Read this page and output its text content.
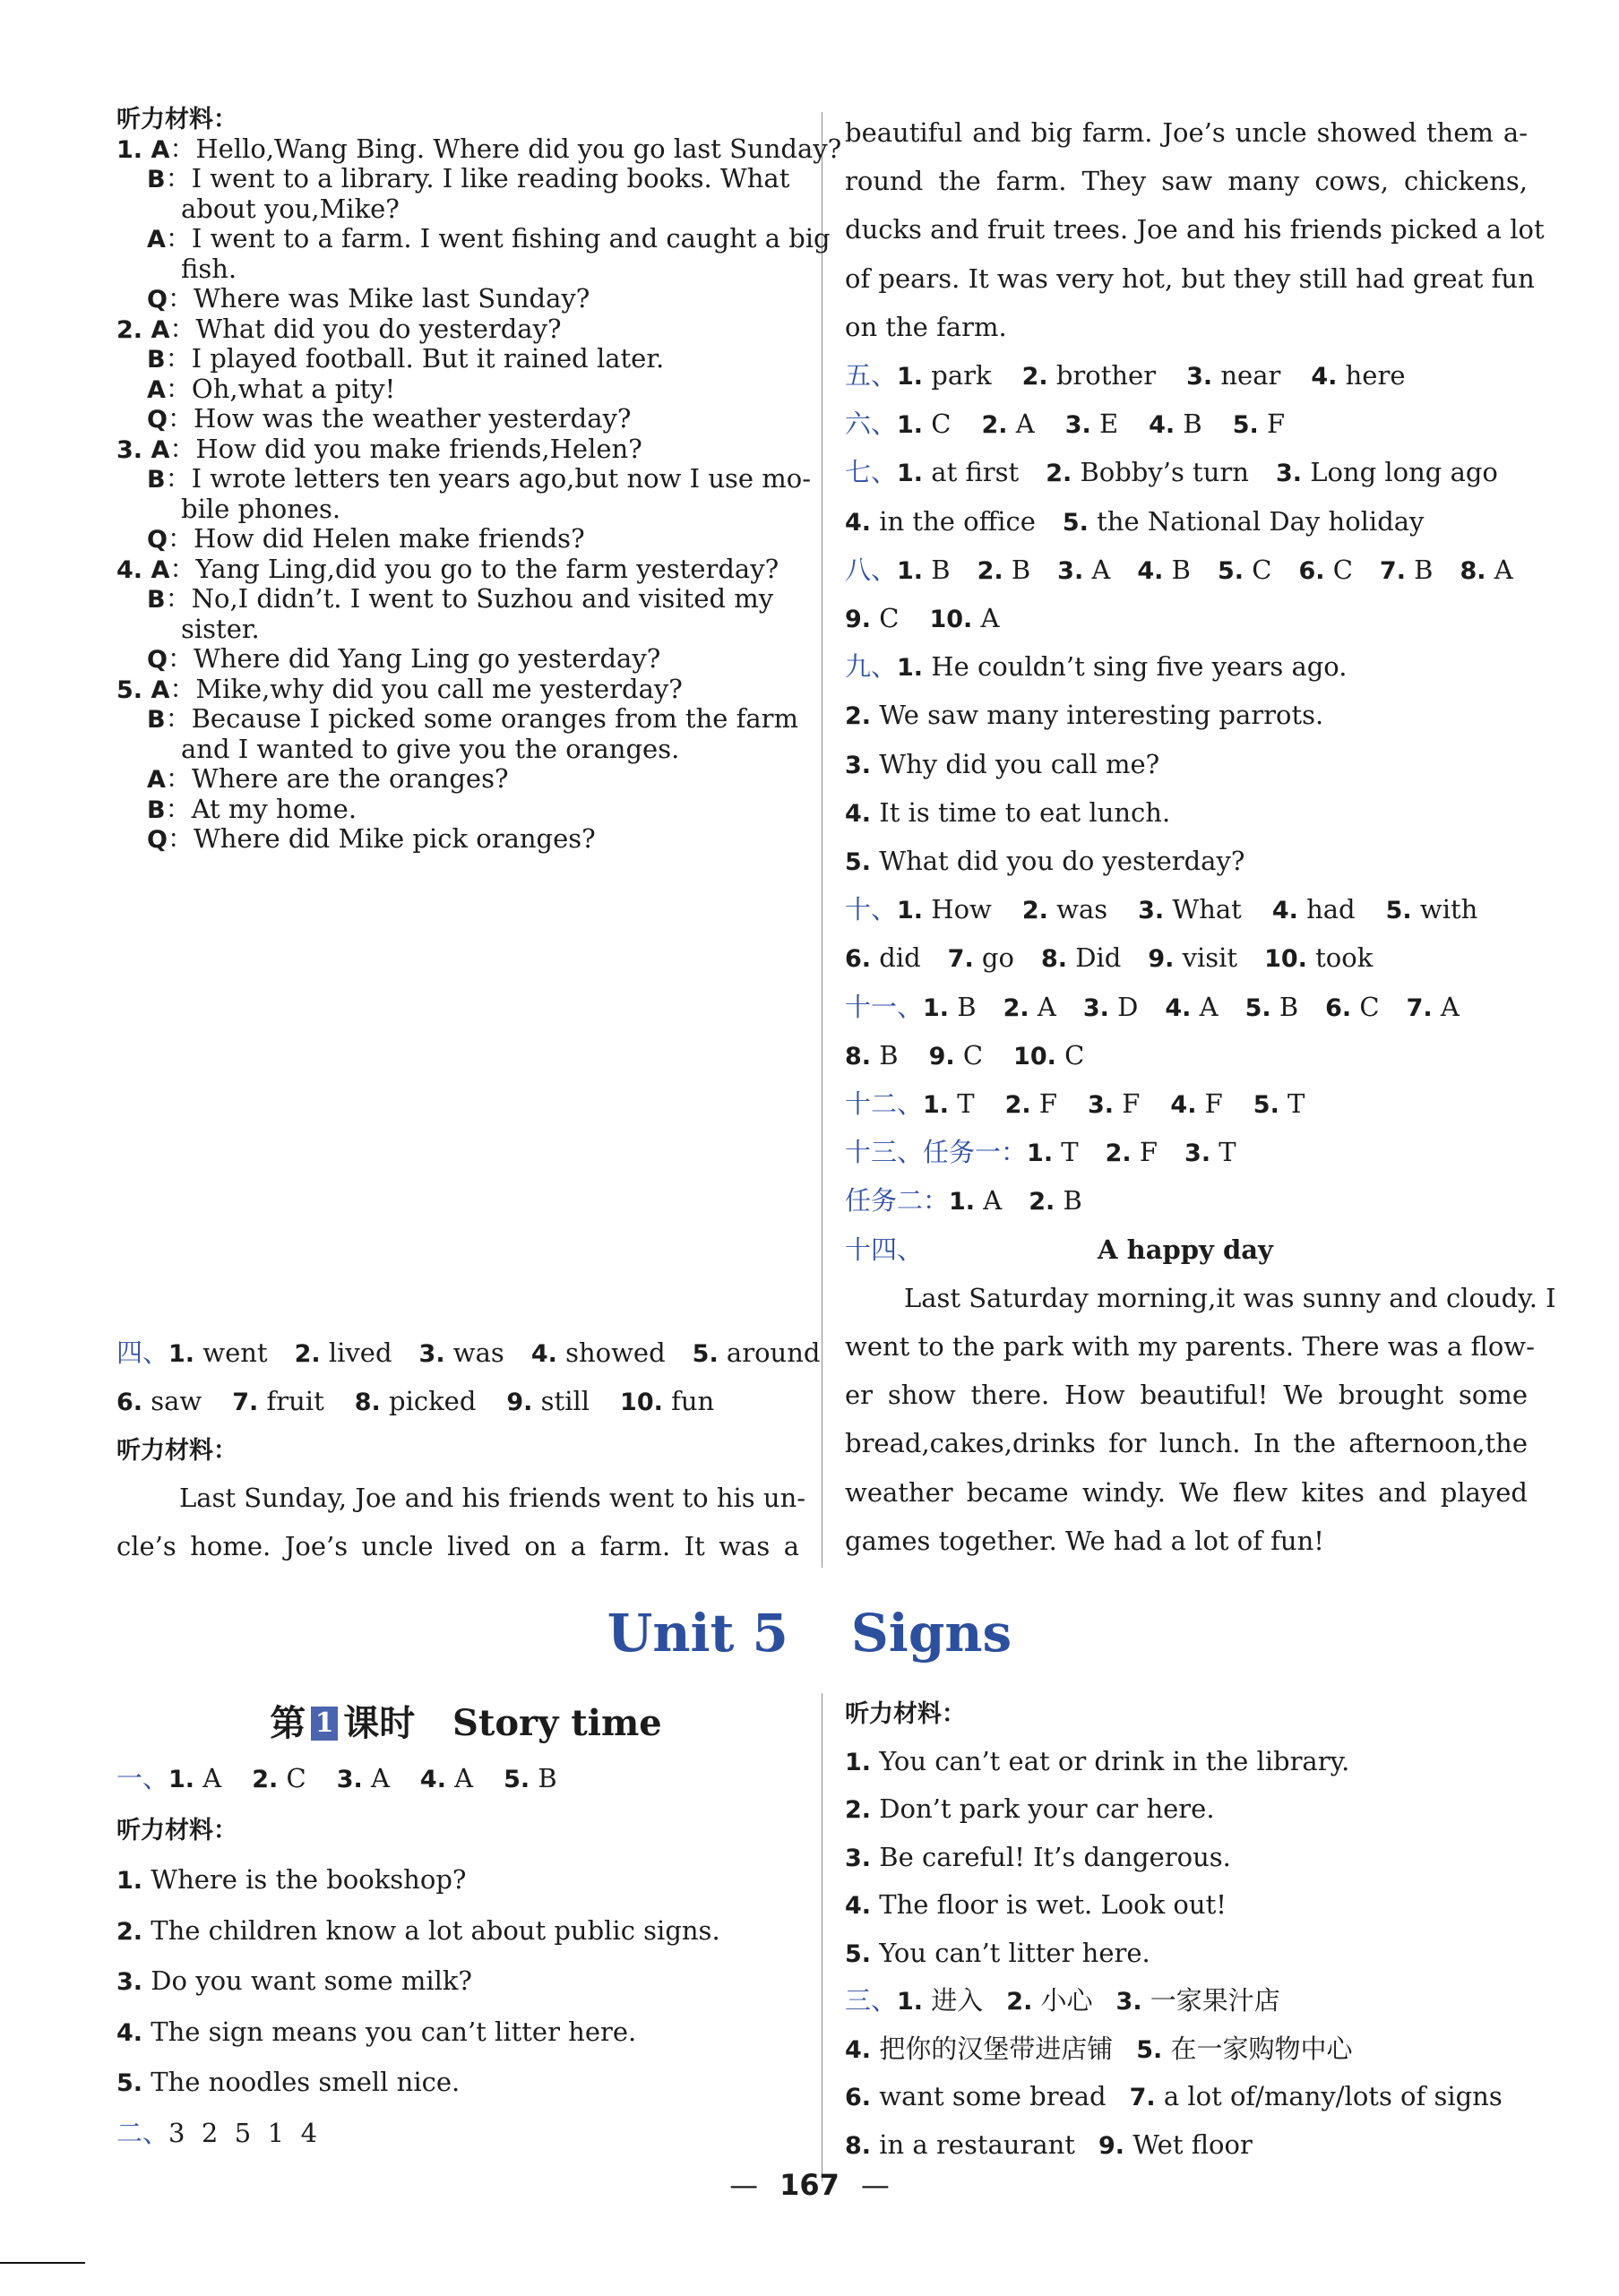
听力材料：
1. A：Hello,Wang Bing. Where did you go last Sunday?
B：I went to a library. I like reading books. What
about you,Mike?
A：I went to a farm. I went fishing and caught a big
fish.
Q：Where was Mike last Sunday?
2. A：What did you do yesterday?
B：I played football. But it rained later.
A：Oh,what a pity!
Q：How was the weather yesterday?
3. A：How did you make friends,Helen?
B：I wrote letters ten years ago,but now I use mo-
bile phones.
Q：How did Helen make friends?
4. A：Yang Ling,did you go to the farm yesterday?
B：No,I didn’t. I went to Suzhou and visited my
sister.
Q：Where did Yang Ling go yesterday?
5. A：Mike,why did you call me yesterday?
B：Because I picked some oranges from the farm
and I wanted to give you the oranges.
A：Where are the oranges?
B：At my home.
Q：Where did Mike pick oranges?
四、1. went 2. lived 3. was 4. showed 5. around
6. saw 7. fruit 8. picked 9. still 10. fun
听力材料：
Last Sunday, Joe and his friends went to his un-
cle’s home. Joe’s uncle lived on a farm. It was a
beautiful and big farm. Joe’s uncle showed them a-
round the farm. They saw many cows, chickens,
ducks and fruit trees. Joe and his friends picked a lot
of pears. It was very hot, but they still had great fun
on the farm.
五、1. park 2. brother 3. near 4. here
六、1. C 2. A 3. E 4. B 5. F
七、1. at first 2. Bobby’s turn 3. Long long ago
4. in the office 5. the National Day holiday
八、1. B 2. B 3. A 4. B 5. C 6. C 7. B 8. A
9. C 10. A
九、1. He couldn’t sing five years ago.
2. We saw many interesting parrots.
3. Why did you call me?
4. It is time to eat lunch.
5. What did you do yesterday?
十、1. How 2. was 3. What 4. had 5. with
6. did 7. go 8. Did 9. visit 10. took
十一、1. B 2. A 3. D 4. A 5. B 6. C 7. A
8. B 9. C 10. C
十二、1. T 2. F 3. F 4. F 5. T
十三、任务一：1. T 2. F 3. T
任务二：1. A 2. B
十四、	A happy day
Last Saturday morning,it was sunny and cloudy. I
went to the park with my parents. There was a flow-
er show there. How beautiful! We brought some
bread,cakes,drinks for lunch. In the afternoon,the
weather became windy. We flew kites and played
games together. We had a lot of fun!
Unit 5 Signs
第 1 课时 Story time
一、1. A 2. C 3. A 4. A 5. B
听力材料：
1. Where is the bookshop?
2. The children know a lot about public signs.
3. Do you want some milk?
4. The sign means you can’t litter here.
5. The noodles smell nice.
二、3  2  5  1  4
听力材料：
1. You can’t eat or drink in the library.
2. Don’t park your car here.
3. Be careful! It’s dangerous.
4. The floor is wet. Look out!
5. You can’t litter here.
三、1. 进入 2. 小心 3. 一家果汁店
4. 把你的汉堡带进店铺 5. 在一家购物中心
6. want some bread 7. a lot of/many/lots of signs
8. in a restaurant 9. Wet floor
— 167 —
